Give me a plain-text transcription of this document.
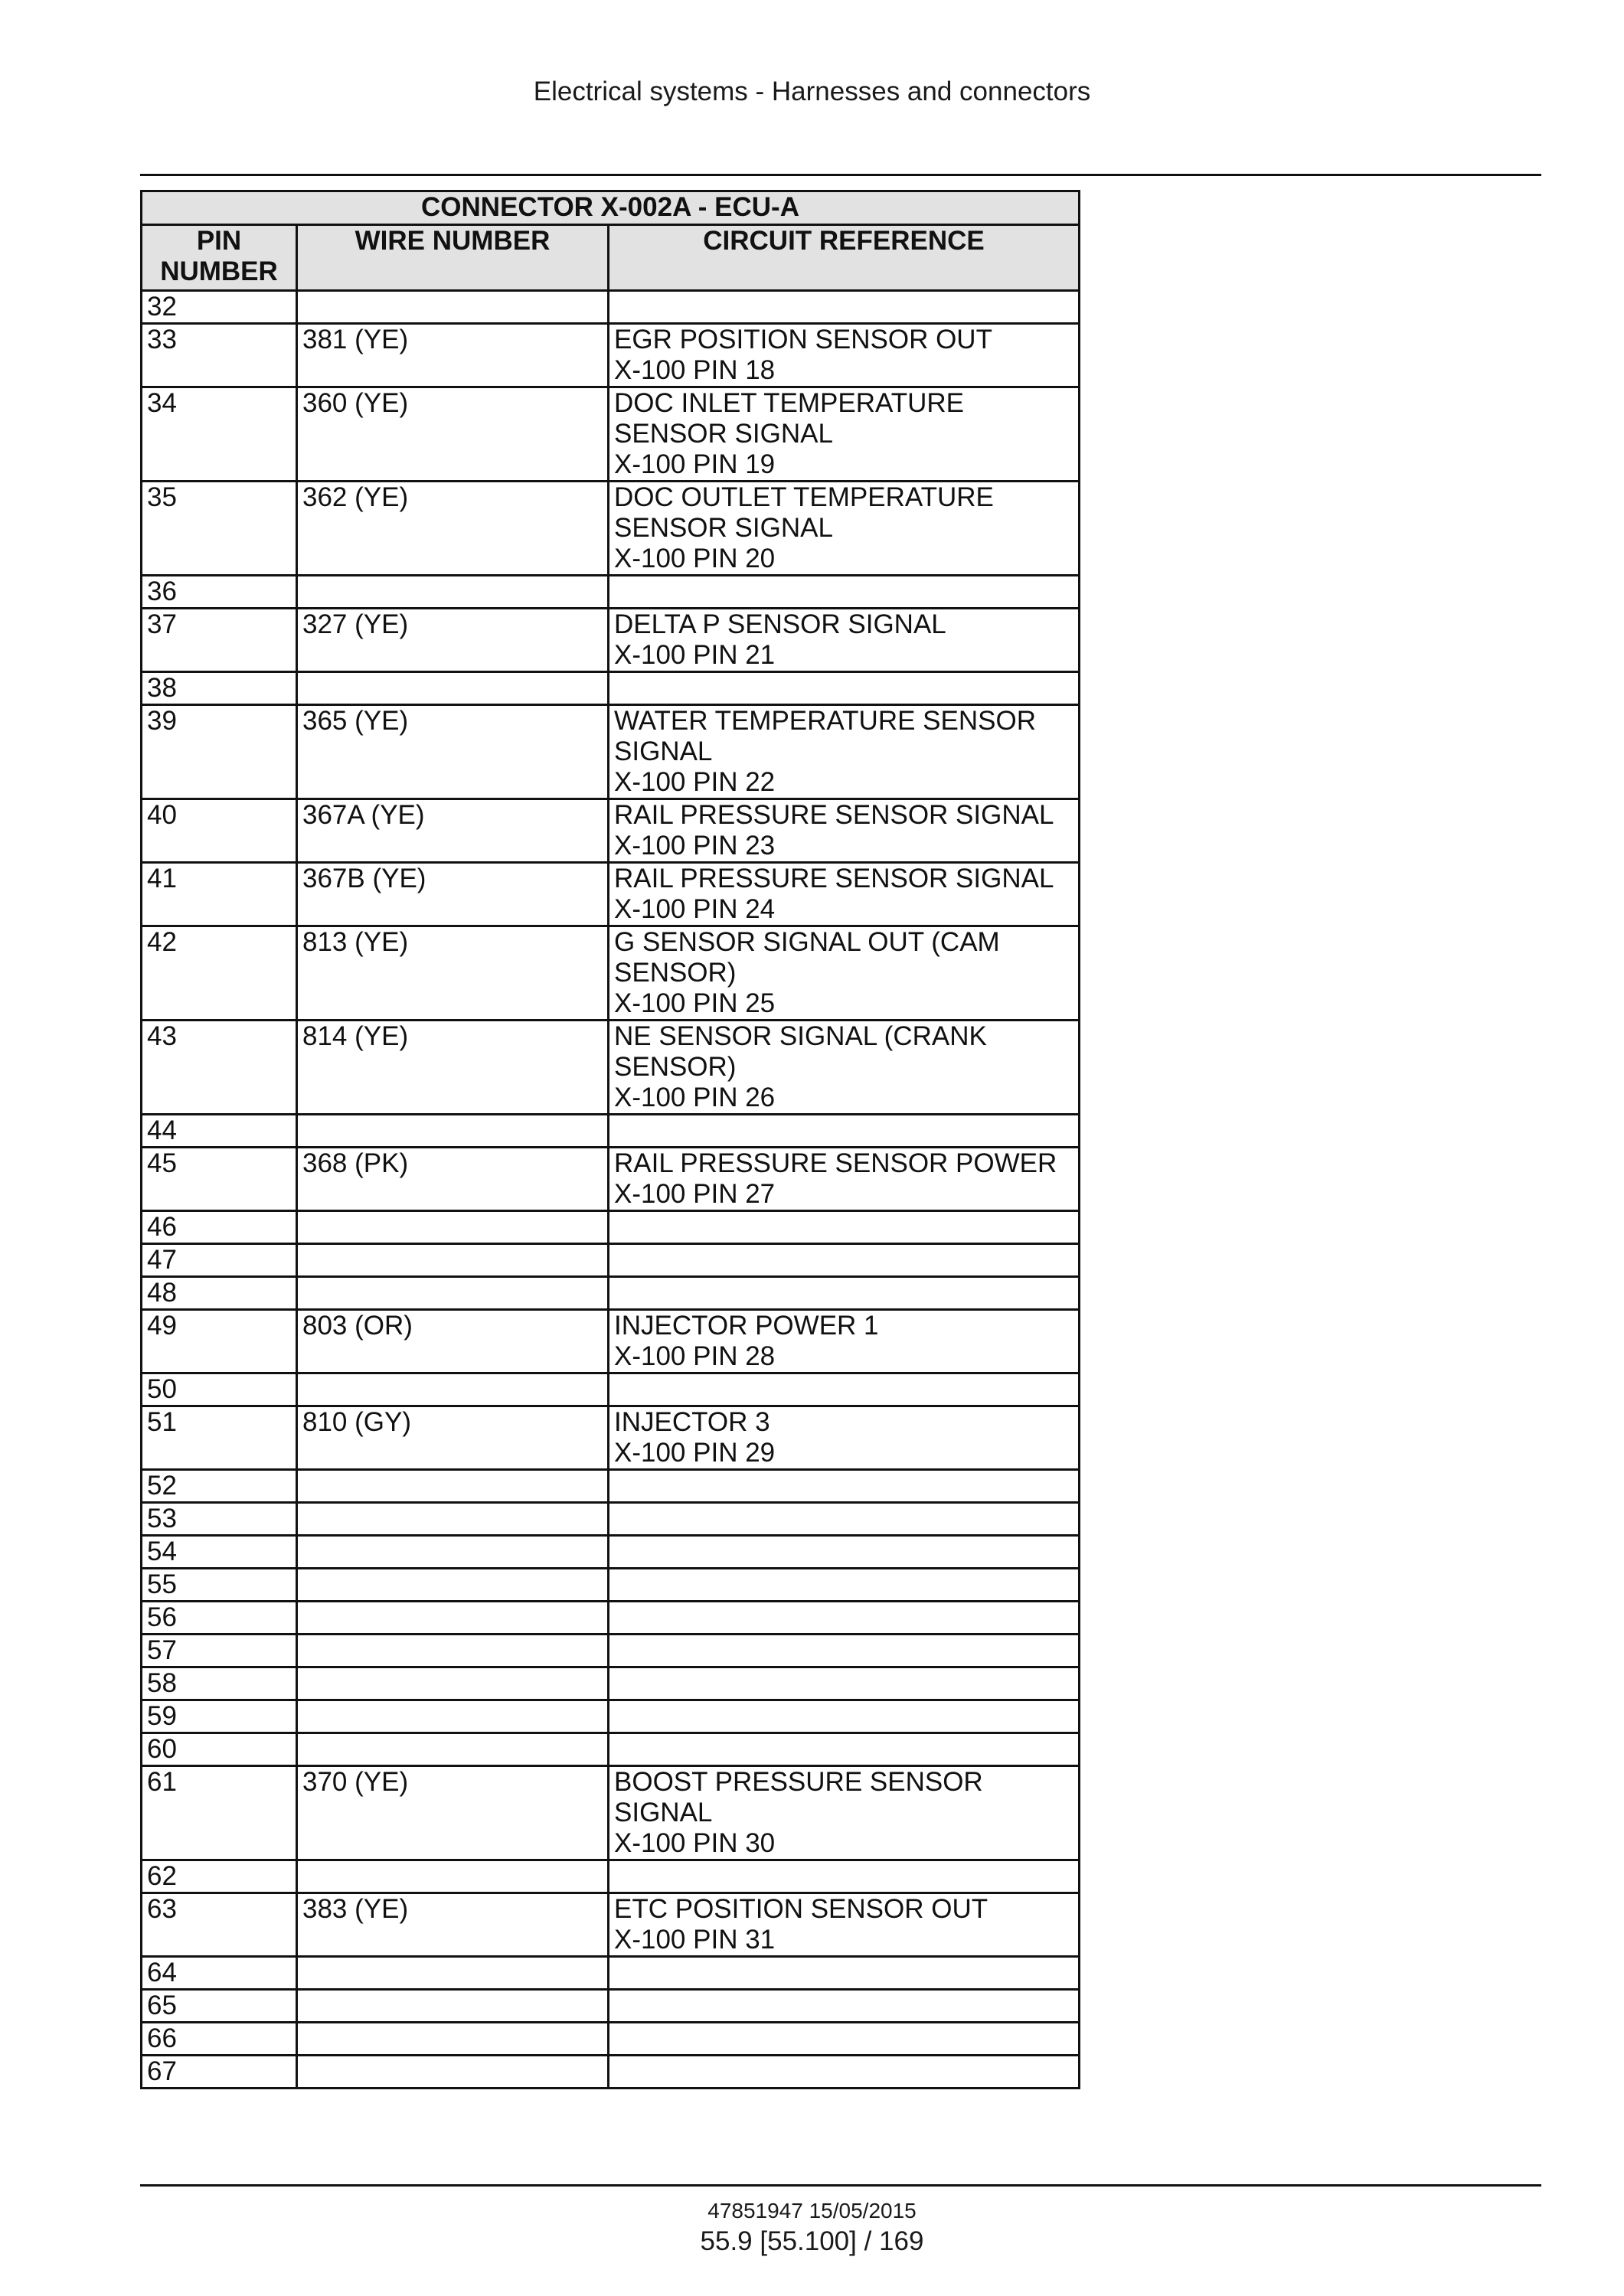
Electrical systems - Harnesses and connectors
CONNECTOR X-002A - ECU-A		
PIN
NUMBER	WIRE NUMBER	CIRCUIT REFERENCE
32		
33	381 (YE)	EGR POSITION SENSOR OUT
X-100 PIN 18
34	360 (YE)	DOC INLET TEMPERATURE
SENSOR SIGNAL
X-100 PIN 19
35	362 (YE)	DOC OUTLET TEMPERATURE
SENSOR SIGNAL
X-100 PIN 20
36		
37	327 (YE)	DELTA P SENSOR SIGNAL
X-100 PIN 21
38		
39	365 (YE)	WATER TEMPERATURE SENSOR
SIGNAL
X-100 PIN 22
40	367A (YE)	RAIL PRESSURE SENSOR SIGNAL
X-100 PIN 23
41	367B (YE)	RAIL PRESSURE SENSOR SIGNAL
X-100 PIN 24
42	813 (YE)	G SENSOR SIGNAL OUT (CAM
SENSOR)
X-100 PIN 25
43	814 (YE)	NE SENSOR SIGNAL (CRANK
SENSOR)
X-100 PIN 26
44		
45	368 (PK)	RAIL PRESSURE SENSOR POWER
X-100 PIN 27
46		
47		
48		
49	803 (OR)	INJECTOR POWER 1
X-100 PIN 28
50		
51	810 (GY)	INJECTOR 3
X-100 PIN 29
52		
53		
54		
55		
56		
57		
58		
59		
60		
61	370 (YE)	BOOST PRESSURE SENSOR
SIGNAL
X-100 PIN 30
62		
63	383 (YE)	ETC POSITION SENSOR OUT
X-100 PIN 31
64		
65		
66		
67		
47851947 15/05/2015
55.9 [55.100] / 169
